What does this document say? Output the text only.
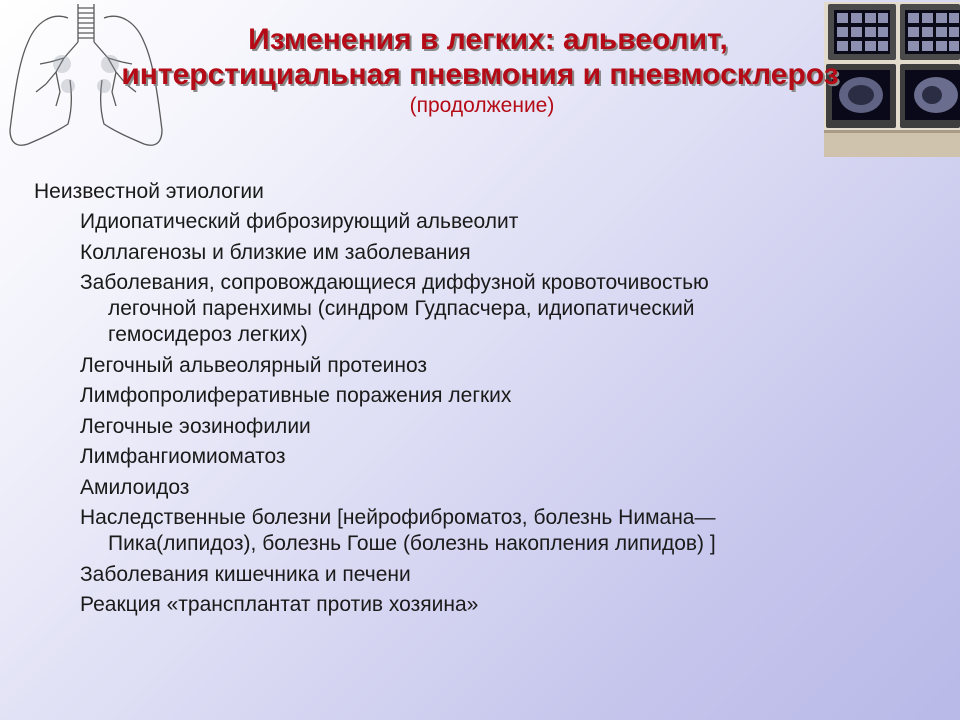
Изменения в легких: альвеолит,
интерстициальная пневмония и пневмосклероз
(продолжение)
Неизвестной этиологии
Идиопатический фиброзирующий альвеолит
Коллагенозы и близкие им заболевания
Заболевания, сопровождающиеся диффузной кровоточивостью
легочной паренхимы (синдром Гудпасчера, идиопатический
гемосидероз легких)
Легочный альвеолярный протеиноз
Лимфопролиферативные поражения легких
Легочные эозинофилии
Лимфангиомиоматоз
Амилоидоз
Наследственные болезни [нейрофиброматоз, болезнь Нимана—
Пика(липидоз), болезнь Гоше (болезнь накопления липидов) ]
Заболевания кишечника и печени
Реакция «трансплантат против хозяина»
